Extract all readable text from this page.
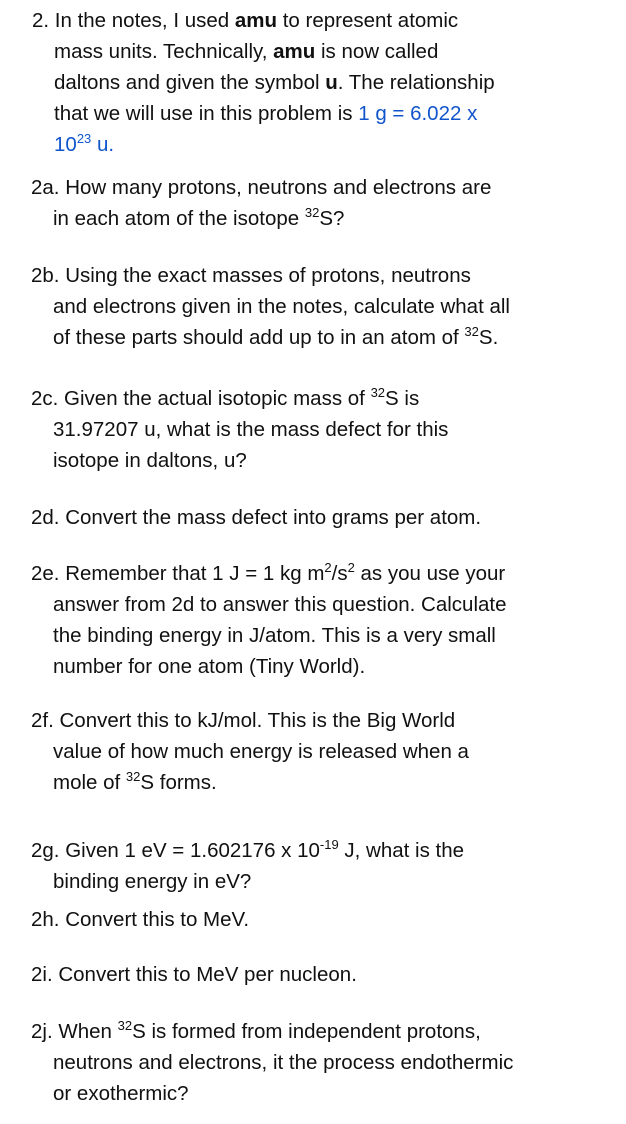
2. In the notes, I used amu to represent atomic
mass units. Technically, amu is now called
daltons and given the symbol u. The relationship
that we will use in this problem is 1 g = 6.022 x
$10^{23}$ u.
2a. How many protons, neutrons and electrons are
in each atom of the isotope $^{32}$S?
2b. Using the exact masses of protons, neutrons
and electrons given in the notes, calculate what all
of these parts should add up to in an atom of $^{32}$S.
2c. Given the actual isotopic mass of $^{32}$S is
31.97207 u, what is the mass defect for this
isotope in daltons, u?
2d. Convert the mass defect into grams per atom.
2e. Remember that 1 J = 1 kg $m^2/s^2$ as you use your
answer from 2d to answer this question. Calculate
the binding energy in J/atom. This is a very small
number for one atom (Tiny World).
2f. Convert this to kJ/mol. This is the Big World
value of how much energy is released when a
mole of $^{32}$S forms.
2g. Given 1 eV = 1.602176 x $10^{-19}$ J, what is the
binding energy in eV?
2h. Convert this to MeV.
2i. Convert this to MeV per nucleon.
2j. When $^{32}$S is formed from independent protons,
neutrons and electrons, it the process endothermic
or exothermic?
